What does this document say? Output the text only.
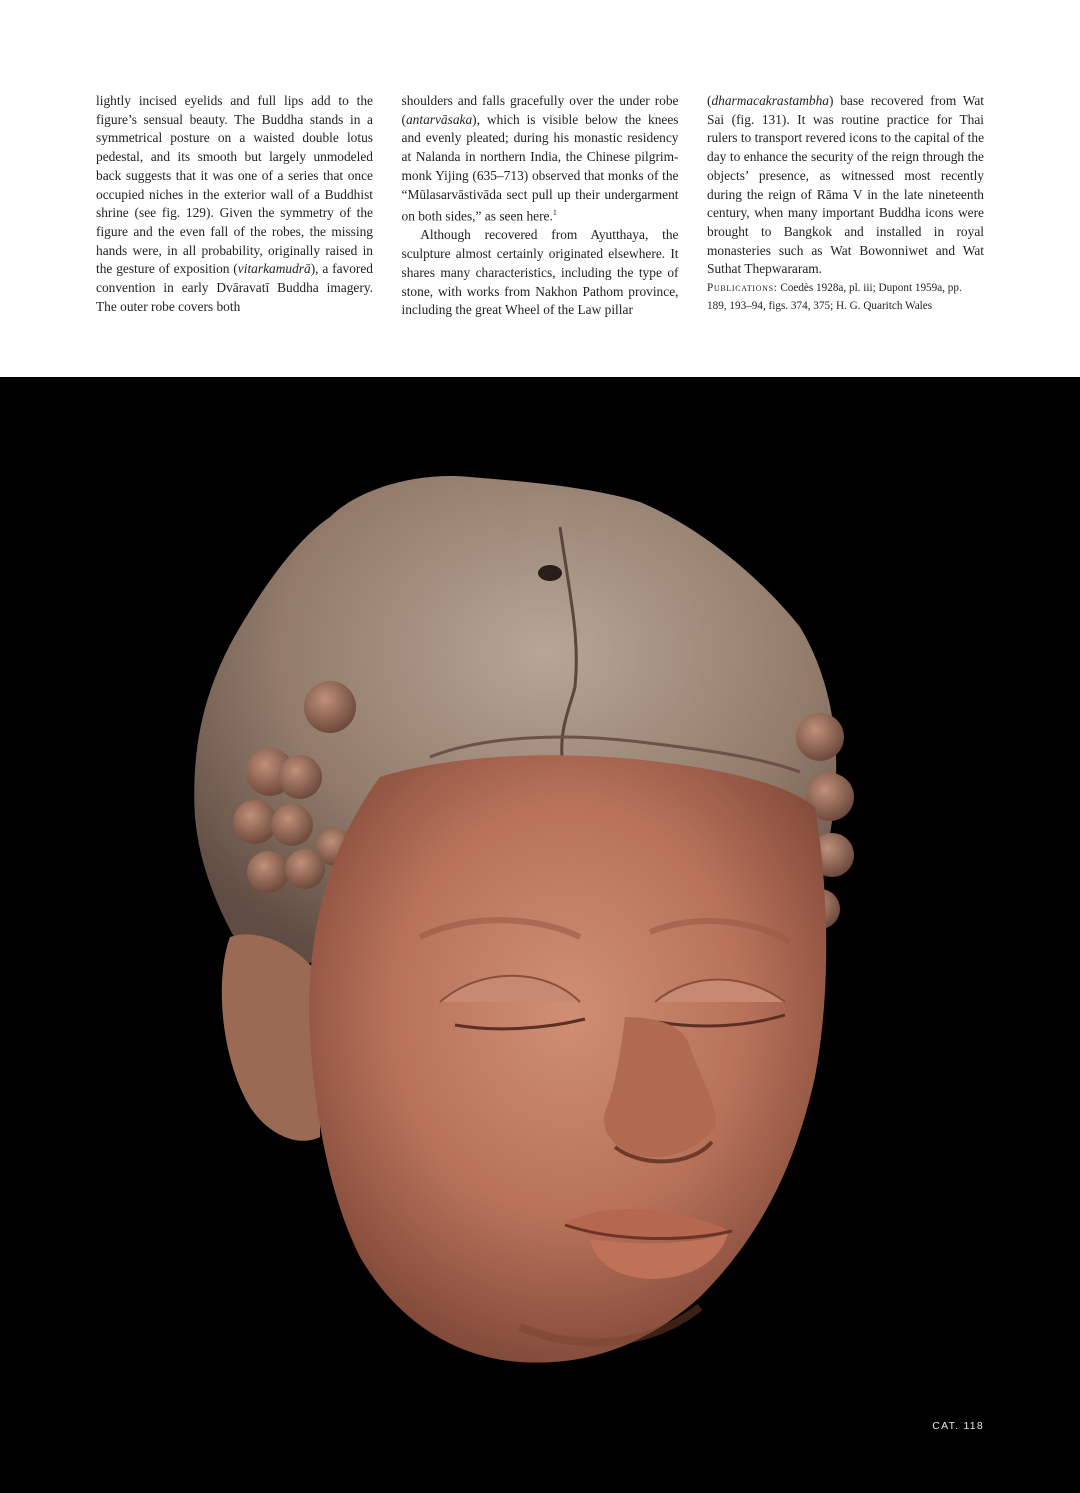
lightly incised eyelids and full lips add to the figure’s sensual beauty. The Buddha stands in a symmetrical posture on a waisted double lotus pedestal, and its smooth but largely unmodeled back suggests that it was one of a series that once occupied niches in the exterior wall of a Buddhist shrine (see fig. 129). Given the symmetry of the figure and the even fall of the robes, the missing hands were, in all probability, originally raised in the gesture of exposition (vitarkamudrā), a favored convention in early Dvāravatī Buddha imagery. The outer robe covers both

shoulders and falls gracefully over the under robe (antarvāsaka), which is visible below the knees and evenly pleated; during his monastic residency at Nalanda in northern India, the Chinese pilgrim-monk Yijing (635–713) observed that monks of the “Mūlasarvāstivāda sect pull up their undergarment on both sides,” as seen here.$^1$

Although recovered from Ayutthaya, the sculpture almost certainly originated elsewhere. It shares many characteristics, including the type of stone, with works from Nakhon Pathom province, including the great Wheel of the Law pillar

(dharmacakrastambha) base recovered from Wat Sai (fig. 131). It was routine practice for Thai rulers to transport revered icons to the capital of the day to enhance the security of the reign through the objects’ presence, as witnessed most recently during the reign of Rāma V in the late nineteenth century, when many important Buddha icons were brought to Bangkok and installed in royal monasteries such as Wat Bowonniwet and Wat Suthat Thepwararam.

Publications: Coedès 1928a, pl. iii; Dupont 1959a, pp. 189, 193–94, figs. 374, 375; H. G. Quaritch Wales

CAT. 118
